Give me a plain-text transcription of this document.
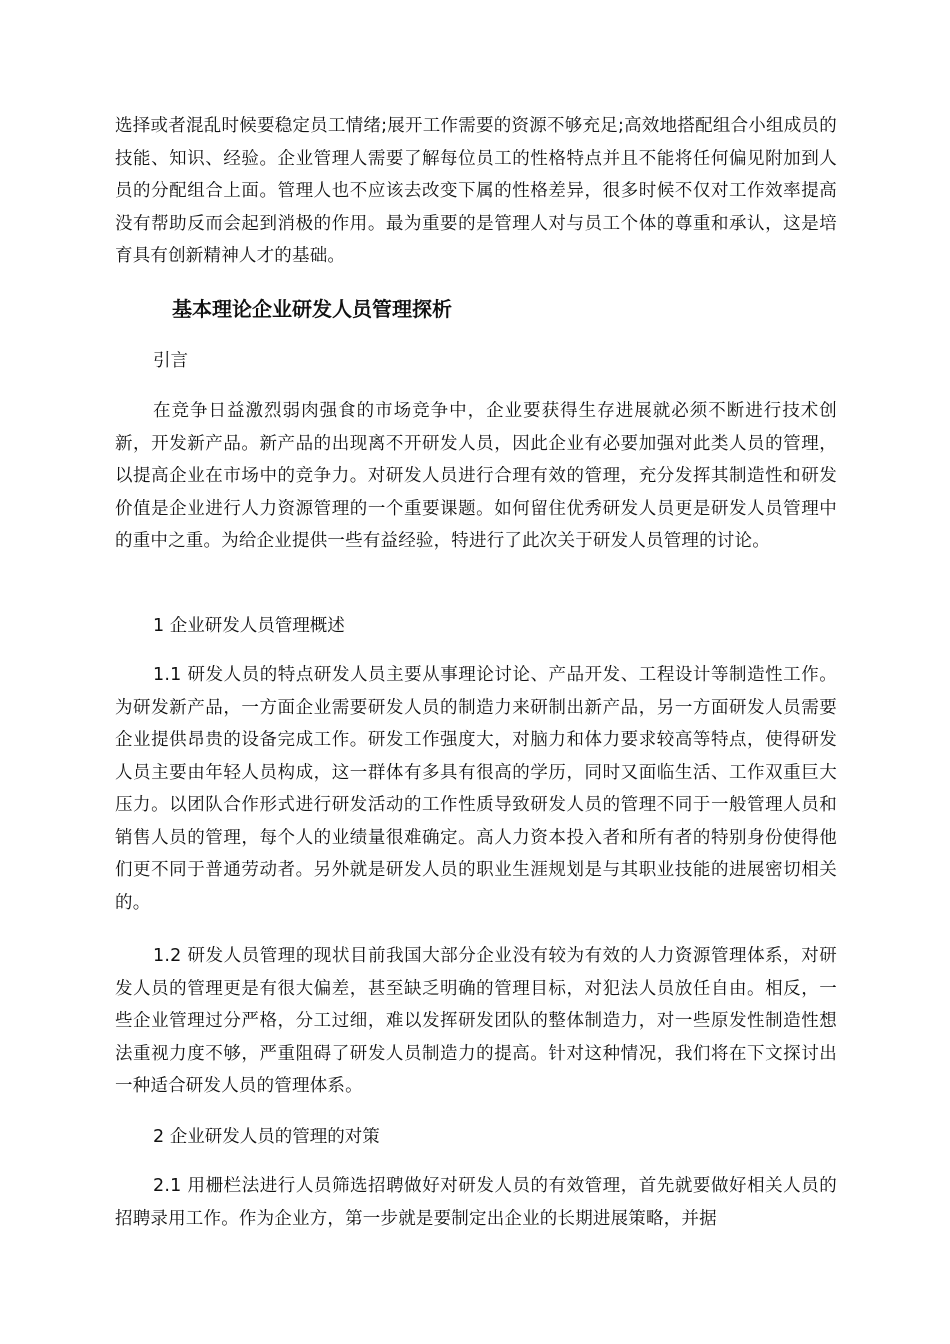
选择或者混乱时候要稳定员工情绪;展开工作需要的资源不够充足;高效地搭配组合小组成员的技能、知识、经验。企业管理人需要了解每位员工的性格特点并且不能将任何偏见附加到人员的分配组合上面。管理人也不应该去改变下属的性格差异，很多时候不仅对工作效率提高没有帮助反而会起到消极的作用。最为重要的是管理人对与员工个体的尊重和承认，这是培育具有创新精神人才的基础。

基本理论企业研发人员管理探析

引言

在竞争日益激烈弱肉强食的市场竞争中，企业要获得生存进展就必须不断进行技术创新，开发新产品。新产品的出现离不开研发人员，因此企业有必要加强对此类人员的管理，以提高企业在市场中的竞争力。对研发人员进行合理有效的管理，充分发挥其制造性和研发价值是企业进行人力资源管理的一个重要课题。如何留住优秀研发人员更是研发人员管理中的重中之重。为给企业提供一些有益经验，特进行了此次关于研发人员管理的讨论。

1 企业研发人员管理概述

1.1 研发人员的特点研发人员主要从事理论讨论、产品开发、工程设计等制造性工作。为研发新产品，一方面企业需要研发人员的制造力来研制出新产品，另一方面研发人员需要企业提供昂贵的设备完成工作。研发工作强度大，对脑力和体力要求较高等特点，使得研发人员主要由年轻人员构成，这一群体有多具有很高的学历，同时又面临生活、工作双重巨大压力。以团队合作形式进行研发活动的工作性质导致研发人员的管理不同于一般管理人员和销售人员的管理，每个人的业绩量很难确定。高人力资本投入者和所有者的特别身份使得他们更不同于普通劳动者。另外就是研发人员的职业生涯规划是与其职业技能的进展密切相关的。

1.2 研发人员管理的现状目前我国大部分企业没有较为有效的人力资源管理体系，对研发人员的管理更是有很大偏差，甚至缺乏明确的管理目标，对犯法人员放任自由。相反，一些企业管理过分严格，分工过细，难以发挥研发团队的整体制造力，对一些原发性制造性想法重视力度不够，严重阻碍了研发人员制造力的提高。针对这种情况，我们将在下文探讨出一种适合研发人员的管理体系。

2 企业研发人员的管理的对策

2.1 用栅栏法进行人员筛选招聘做好对研发人员的有效管理，首先就要做好相关人员的招聘录用工作。作为企业方，第一步就是要制定出企业的长期进展策略，并据
